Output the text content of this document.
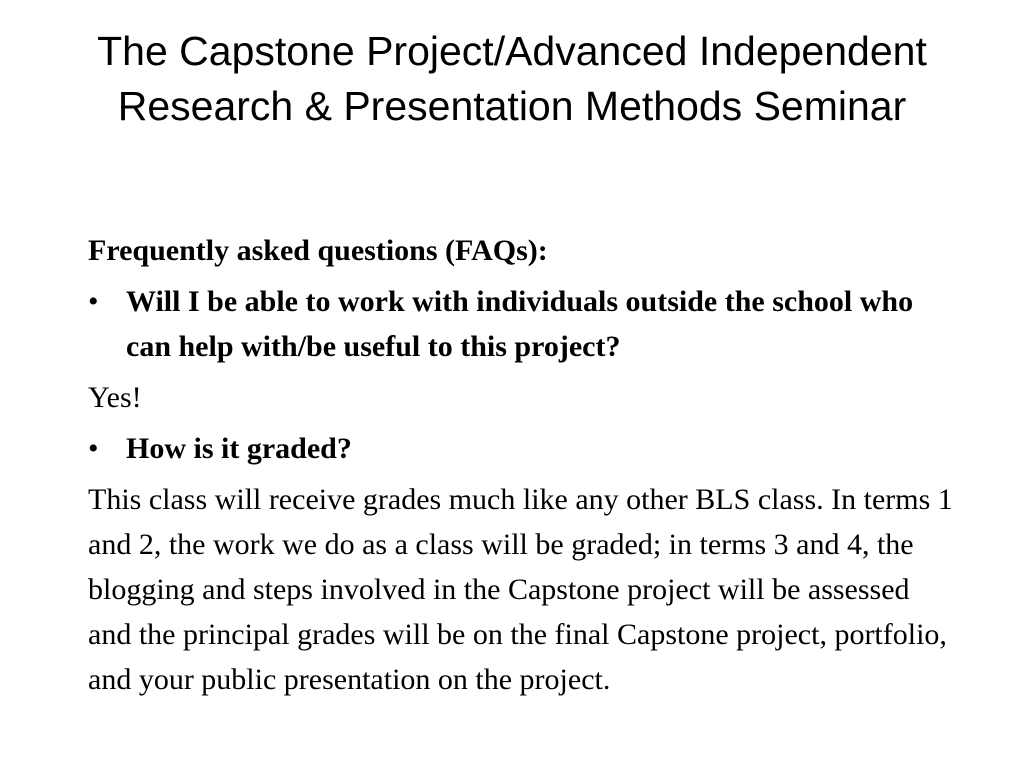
The Capstone Project/Advanced Independent Research & Presentation Methods Seminar

Frequently asked questions (FAQs):

• Will I be able to work with individuals outside the school who can help with/be useful to this project?

Yes!

• How is it graded?

This class will receive grades much like any other BLS class. In terms 1 and 2, the work we do as a class will be graded; in terms 3 and 4, the blogging and steps involved in the Capstone project will be assessed and the principal grades will be on the final Capstone project, portfolio, and your public presentation on the project.
